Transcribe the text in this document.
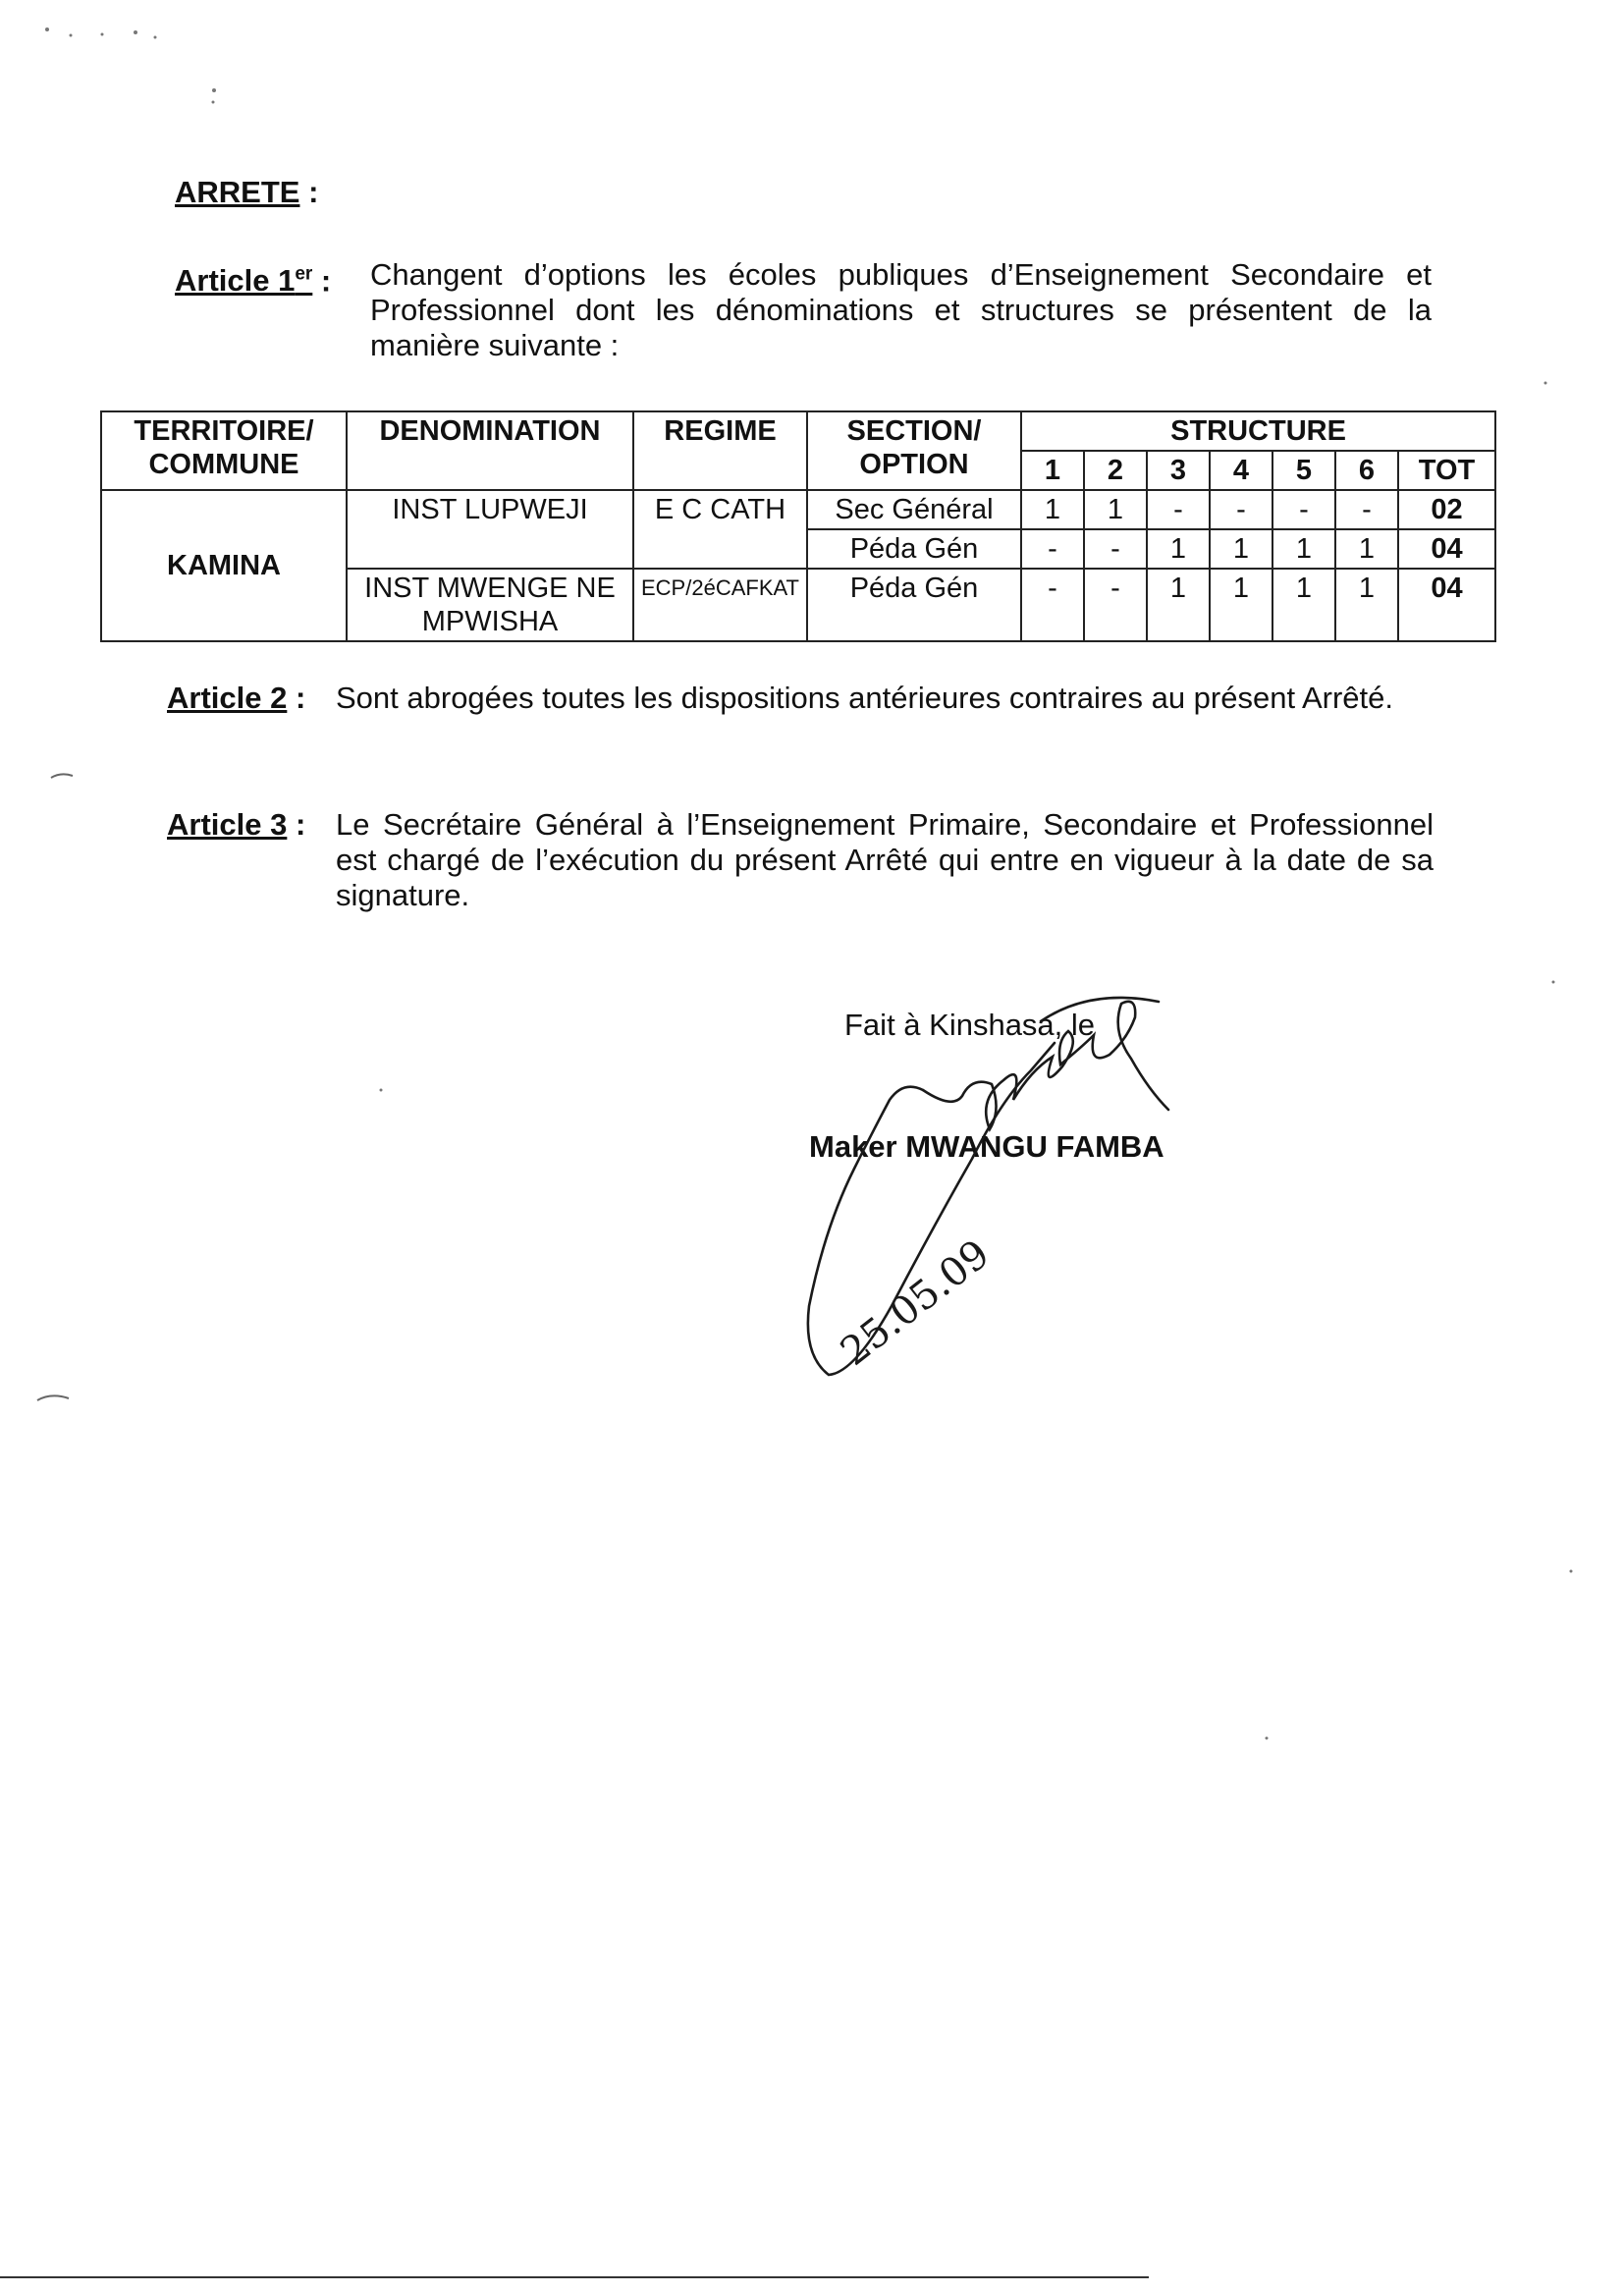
ARRETE :
Article 1er : Changent d’options les écoles publiques d’Enseignement Secondaire et Professionnel dont les dénominations et structures se présentent de la manière suivante :
TERRITOIRE/ COMMUNE	DENOMINATION	REGIME	SECTION/ OPTION	STRUCTURE						
				1	2	3	4	5	6	TOT
KAMINA	INST LUPWEJI	E C CATH	Sec Général	1	1	-	-	-	-	02
			Péda Gén	-	-	1	1	1	1	04
	INST MWENGE NE MPWISHA	ECP/2éCAFKAT	Péda Gén	-	-	1	1	1	1	04
Article 2 : Sont abrogées toutes les dispositions antérieures contraires au présent Arrêté.
Article 3 : Le Secrétaire Général à l’Enseignement Primaire, Secondaire et Professionnel est chargé de l’exécution du présent Arrêté qui entre en vigueur à la date de sa signature.
Fait à Kinshasa, le
Maker MWANGU FAMBA
25.05.09
